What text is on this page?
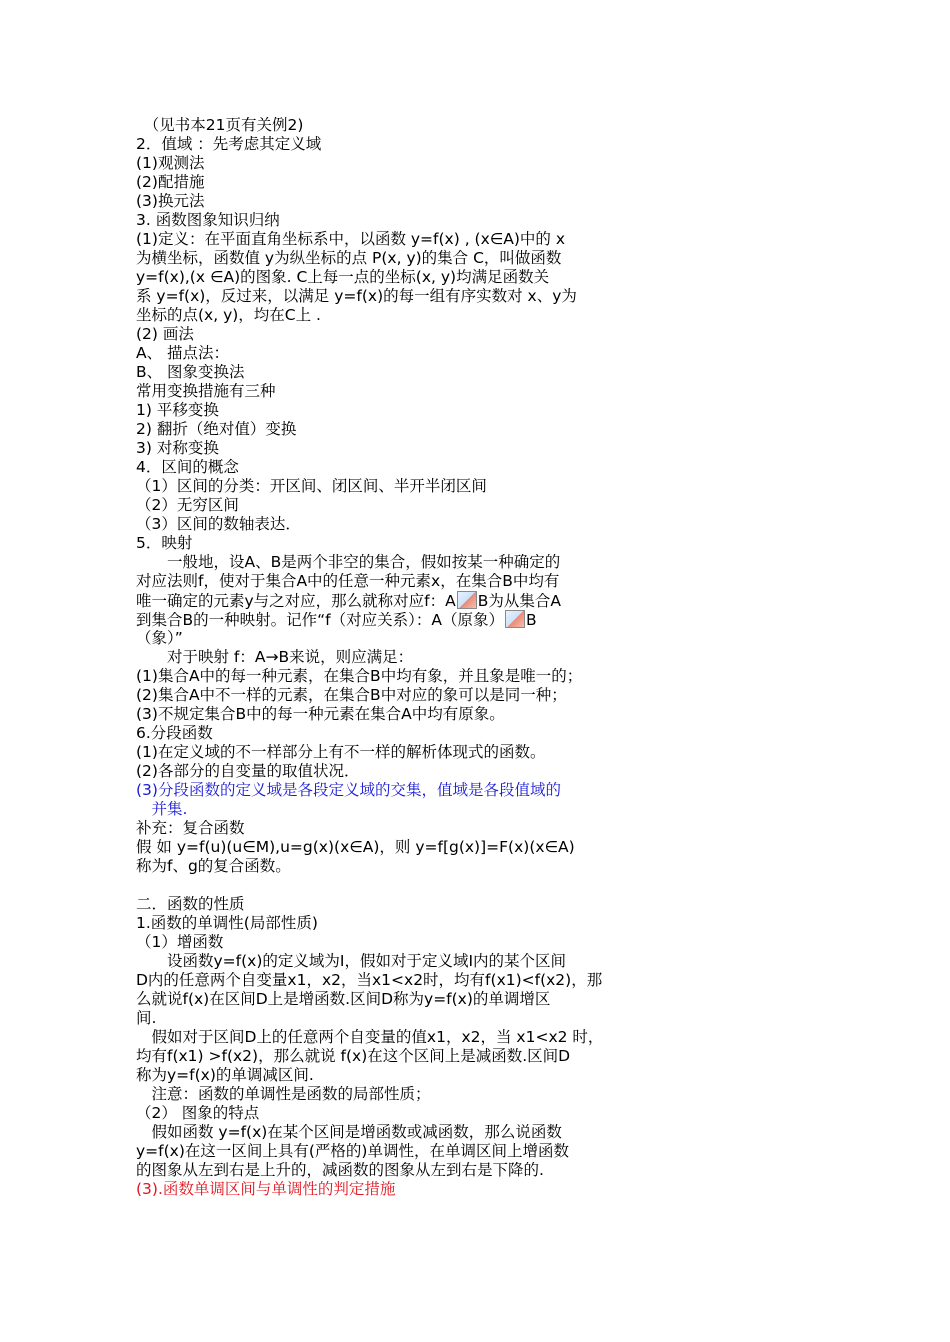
　（见书本21页有关例2)
2．值域 ：先考虑其定义域
(1)观测法
(2)配措施
(3)换元法
3. 函数图象知识归纳
(1)定义：在平面直角坐标系中，以函数 y=f(x) , (x∈A)中的 x
为横坐标，函数值 y为纵坐标的点 P(x, y)的集合 C，叫做函数
y=f(x),(x ∈A)的图象. C上每一点的坐标(x, y)均满足函数关
系 y=f(x)，反过来，以满足 y=f(x)的每一组有序实数对 x、y为
坐标的点(x, y)，均在C上 .
(2) 画法
A、 描点法：
B、 图象变换法
常用变换措施有三种
1) 平移变换
2) 翻折（绝对值）变换
3) 对称变换
4．区间的概念
（1）区间的分类：开区间、闭区间、半开半闭区间
（2）无穷区间
（3）区间的数轴表达．
5．映射
　　一般地，设A、B是两个非空的集合，假如按某一种确定的
对应法则f，使对于集合A中的任意一种元素x，在集合B中均有
唯一确定的元素y与之对应，那么就称对应f：A B为从集合A
到集合B的一种映射。记作“f（对应关系）：A（原象） B
（象）”
　　对于映射 f：A→B来说，则应满足：
(1)集合A中的每一种元素，在集合B中均有象，并且象是唯一的；
(2)集合A中不一样的元素，在集合B中对应的象可以是同一种；
(3)不规定集合B中的每一种元素在集合A中均有原象。
6.分段函数
(1)在定义域的不一样部分上有不一样的解析体现式的函数。
(2)各部分的自变量的取值状况．
(3)分段函数的定义域是各段定义域的交集，值域是各段值域的
　并集.
补充：复合函数
假 如 y=f(u)(u∈M),u=g(x)(x∈A)，则 y=f[g(x)]=F(x)(x∈A)
称为f、g的复合函数。
二．函数的性质
1.函数的单调性(局部性质)
（1）增函数
　　设函数y=f(x)的定义域为I，假如对于定义域I内的某个区间
D内的任意两个自变量x1，x2，当x1<x2时，均有f(x1)<f(x2)，那
么就说f(x)在区间D上是增函数.区间D称为y=f(x)的单调增区
间.
　假如对于区间D上的任意两个自变量的值x1，x2，当 x1<x2 时，
均有f(x1) >f(x2)，那么就说 f(x)在这个区间上是减函数.区间D
称为y=f(x)的单调减区间.
　注意：函数的单调性是函数的局部性质；
（2） 图象的特点
　假如函数 y=f(x)在某个区间是增函数或减函数，那么说函数
y=f(x)在这一区间上具有(严格的)单调性，在单调区间上增函数
的图象从左到右是上升的，减函数的图象从左到右是下降的.
(3).函数单调区间与单调性的判定措施
